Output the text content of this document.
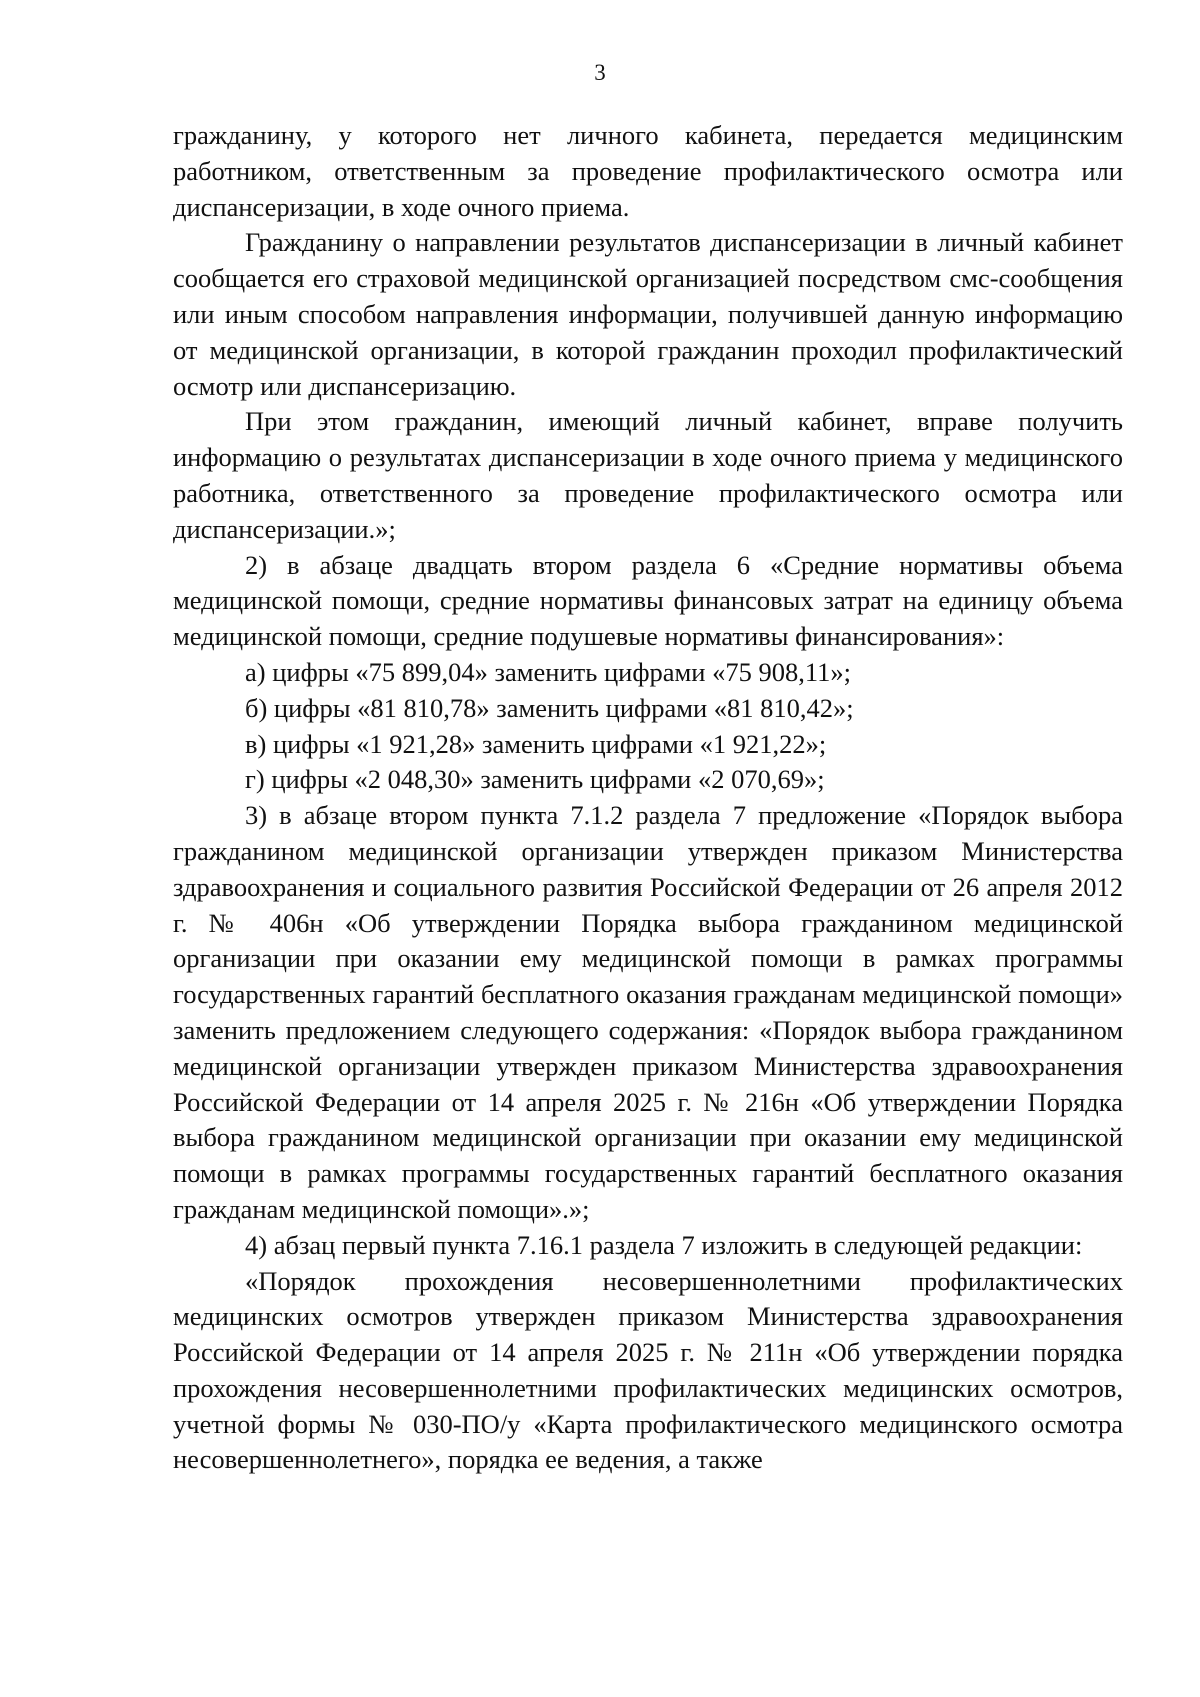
3

гражданину, у которого нет личного кабинета, передается медицинским работником, ответственным за проведение профилактического осмотра или диспансеризации, в ходе очного приема.

Гражданину о направлении результатов диспансеризации в личный кабинет сообщается его страховой медицинской организацией посредством смс-сообщения или иным способом направления информации, получившей данную информацию от медицинской организации, в которой гражданин проходил профилактический осмотр или диспансеризацию.

При этом гражданин, имеющий личный кабинет, вправе получить информацию о результатах диспансеризации в ходе очного приема у медицинского работника, ответственного за проведение профилактического осмотра или диспансеризации.»;

2) в абзаце двадцать втором раздела 6 «Средние нормативы объема медицинской помощи, средние нормативы финансовых затрат на единицу объема медицинской помощи, средние подушевые нормативы финансирования»:

а) цифры «75 899,04» заменить цифрами «75 908,11»;

б) цифры «81 810,78» заменить цифрами «81 810,42»;

в) цифры «1 921,28» заменить цифрами «1 921,22»;

г) цифры «2 048,30» заменить цифрами «2 070,69»;

3) в абзаце втором пункта 7.1.2 раздела 7 предложение «Порядок выбора гражданином медицинской организации утвержден приказом Министерства здравоохранения и социального развития Российской Федерации от 26 апреля 2012 г. № 406н «Об утверждении Порядка выбора гражданином медицинской организации при оказании ему медицинской помощи в рамках программы государственных гарантий бесплатного оказания гражданам медицинской помощи» заменить предложением следующего содержания: «Порядок выбора гражданином медицинской организации утвержден приказом Министерства здравоохранения Российской Федерации от 14 апреля 2025 г. № 216н «Об утверждении Порядка выбора гражданином медицинской организации при оказании ему медицинской помощи в рамках программы государственных гарантий бесплатного оказания гражданам медицинской помощи».»;

4) абзац первый пункта 7.16.1 раздела 7 изложить в следующей редакции:

«Порядок прохождения несовершеннолетними профилактических медицинских осмотров утвержден приказом Министерства здравоохранения Российской Федерации от 14 апреля 2025 г. № 211н «Об утверждении порядка прохождения несовершеннолетними профилактических медицинских осмотров, учетной формы № 030-ПО/у «Карта профилактического медицинского осмотра несовершеннолетнего», порядка ее ведения, а также
